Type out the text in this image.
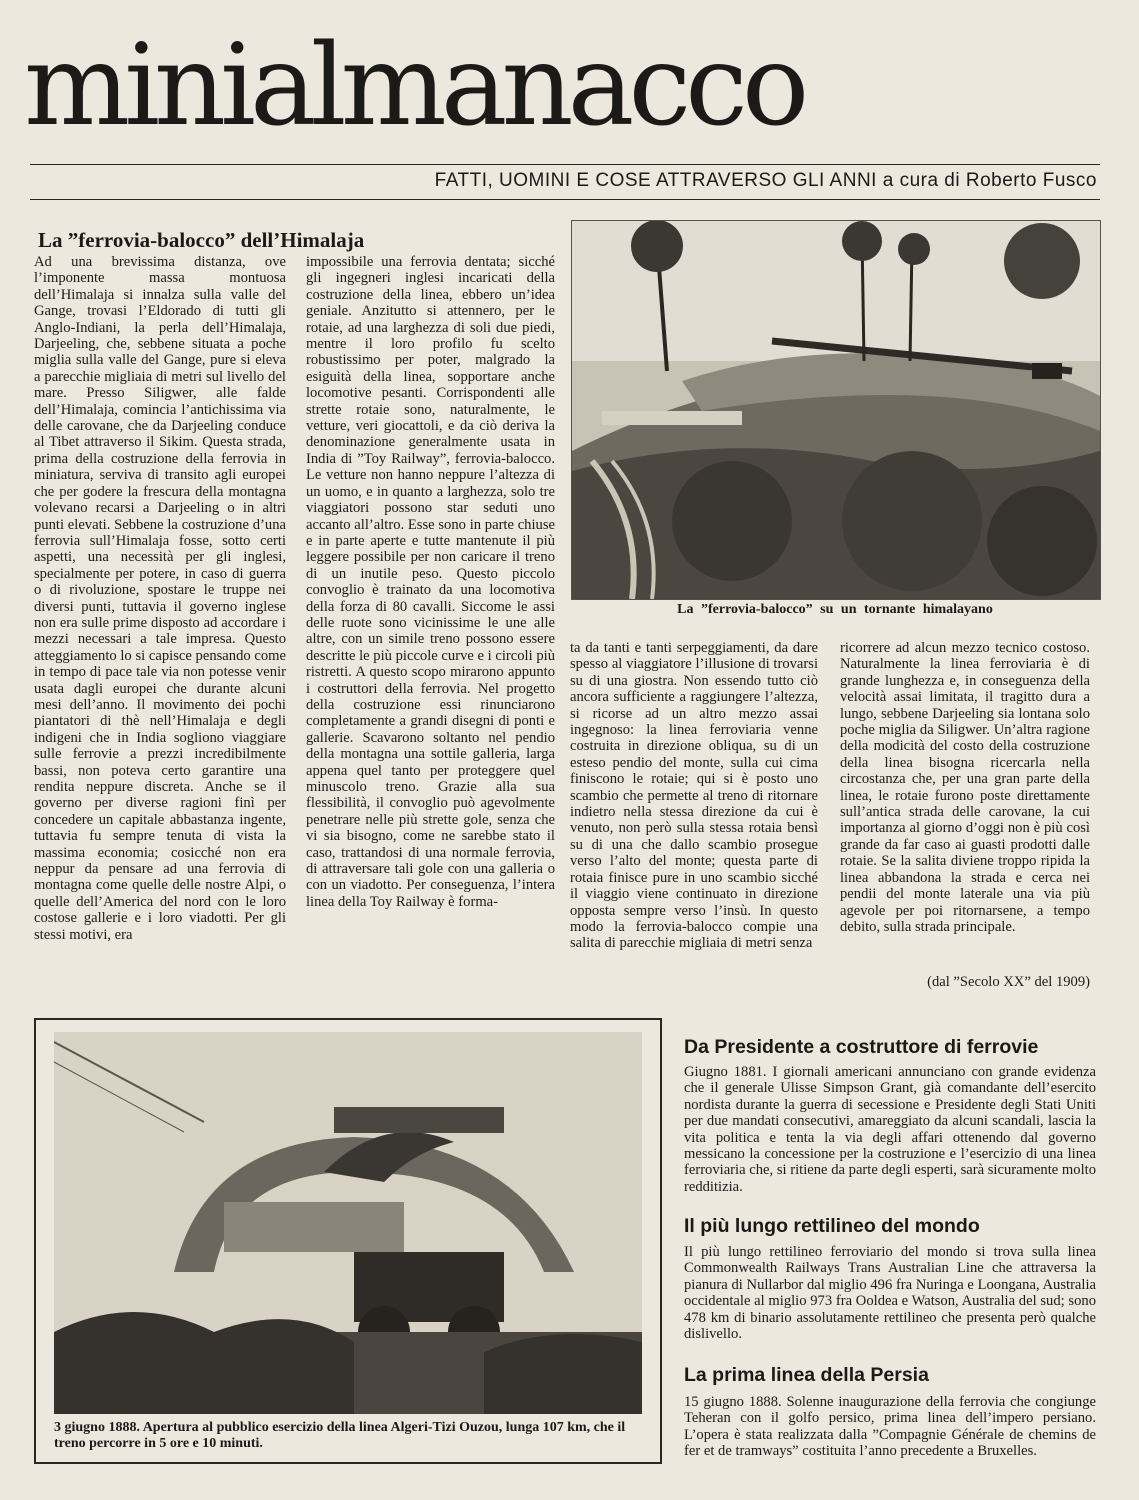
minialmanacco
FATTI, UOMINI E COSE ATTRAVERSO GLI ANNI a cura di Roberto Fusco
La ”ferrovia-balocco” dell’Himalaja
Ad una brevissima distanza, ove l’imponente massa montuosa dell’Himalaja si innalza sulla valle del Gange, trovasi l’Eldorado di tutti gli Anglo-Indiani, la perla dell’Himalaja, Darjeeling, che, sebbene situata a poche miglia sulla valle del Gange, pure si eleva a parecchie migliaia di metri sul livello del mare. Presso Siligwer, alle falde dell’Himalaja, comincia l’antichissima via delle carovane, che da Darjeeling conduce al Tibet attraverso il Sikim. Questa strada, prima della costruzione della ferrovia in miniatura, serviva di transito agli europei che per godere la frescura della montagna volevano recarsi a Darjeeling o in altri punti elevati. Sebbene la costruzione d’una ferrovia sull’Himalaja fosse, sotto certi aspetti, una necessità per gli inglesi, specialmente per potere, in caso di guerra o di rivoluzione, spostare le truppe nei diversi punti, tuttavia il governo inglese non era sulle prime disposto ad accordare i mezzi necessari a tale impresa. Questo atteggiamento lo si capisce pensando come in tempo di pace tale via non potesse venir usata dagli europei che durante alcuni mesi dell’anno. Il movimento dei pochi piantatori di thè nell’Himalaja e degli indigeni che in India sogliono viaggiare sulle ferrovie a prezzi incredibilmente bassi, non poteva certo garantire una rendita neppure discreta. Anche se il governo per diverse ragioni finì per concedere un capitale abbastanza ingente, tuttavia fu sempre tenuta di vista la massima economia; cosicché non era neppur da pensare ad una ferrovia di montagna come quelle delle nostre Alpi, o quelle dell’America del nord con le loro costose gallerie e i loro viadotti. Per gli stessi motivi, era
impossibile una ferrovia dentata; sicché gli ingegneri inglesi incaricati della costruzione della linea, ebbero un’idea geniale. Anzitutto si attennero, per le rotaie, ad una larghezza di soli due piedi, mentre il loro profilo fu scelto robustissimo per poter, malgrado la esiguità della linea, sopportare anche locomotive pesanti. Corrispondenti alle strette rotaie sono, naturalmente, le vetture, veri giocattoli, e da ciò deriva la denominazione generalmente usata in India di ”Toy Railway”, ferrovia-balocco. Le vetture non hanno neppure l’altezza di un uomo, e in quanto a larghezza, solo tre viaggiatori possono star seduti uno accanto all’altro. Esse sono in parte chiuse e in parte aperte e tutte mantenute il più leggere possibile per non caricare il treno di un inutile peso. Questo piccolo convoglio è trainato da una locomotiva della forza di 80 cavalli. Siccome le assi delle ruote sono vicinissime le une alle altre, con un simile treno possono essere descritte le più piccole curve e i circoli più ristretti. A questo scopo mirarono appunto i costruttori della ferrovia. Nel progetto della costruzione essi rinunciarono completamente a grandi disegni di ponti e gallerie. Scavarono soltanto nel pendio della montagna una sottile galleria, larga appena quel tanto per proteggere quel minuscolo treno. Grazie alla sua flessibilità, il convoglio può agevolmente penetrare nelle più strette gole, senza che vi sia bisogno, come ne sarebbe stato il caso, trattandosi di una normale ferrovia, di attraversare tali gole con una galleria o con un viadotto. Per conseguenza, l’intera linea della Toy Railway è forma-
La ”ferrovia-balocco” su un tornante himalayano
ta da tanti e tanti serpeggiamenti, da dare spesso al viaggiatore l’illusione di trovarsi su di una giostra. Non essendo tutto ciò ancora sufficiente a raggiungere l’altezza, si ricorse ad un altro mezzo assai ingegnoso: la linea ferroviaria venne costruita in direzione obliqua, su di un esteso pendio del monte, sulla cui cima finiscono le rotaie; qui si è posto uno scambio che permette al treno di ritornare indietro nella stessa direzione da cui è venuto, non però sulla stessa rotaia bensì su di una che dallo scambio prosegue verso l’alto del monte; questa parte di rotaia finisce pure in uno scambio sicché il viaggio viene continuato in direzione opposta sempre verso l’insù. In questo modo la ferrovia-balocco compie una salita di parecchie migliaia di metri senza
ricorrere ad alcun mezzo tecnico costoso. Naturalmente la linea ferroviaria è di grande lunghezza e, in conseguenza della velocità assai limitata, il tragitto dura a lungo, sebbene Darjeeling sia lontana solo poche miglia da Siligwer. Un’altra ragione della modicità del costo della costruzione della linea bisogna ricercarla nella circostanza che, per una gran parte della linea, le rotaie furono poste direttamente sull’antica strada delle carovane, la cui importanza al giorno d’oggi non è più così grande da far caso ai guasti prodotti dalle rotaie. Se la salita diviene troppo ripida la linea abbandona la strada e cerca nei pendii del monte laterale una via più agevole per poi ritornarsene, a tempo debito, sulla strada principale.
(dal ”Secolo XX” del 1909)
3 giugno 1888. Apertura al pubblico esercizio della linea Algeri-Tizi Ouzou, lunga 107 km, che il treno percorre in 5 ore e 10 minuti.
Da Presidente a costruttore di ferrovie
Giugno 1881. I giornali americani annunciano con grande evidenza che il generale Ulisse Simpson Grant, già comandante dell’esercito nordista durante la guerra di secessione e Presidente degli Stati Uniti per due mandati consecutivi, amareggiato da alcuni scandali, lascia la vita politica e tenta la via degli affari ottenendo dal governo messicano la concessione per la costruzione e l’esercizio di una linea ferroviaria che, si ritiene da parte degli esperti, sarà sicuramente molto redditizia.
Il più lungo rettilineo del mondo
Il più lungo rettilineo ferroviario del mondo si trova sulla linea Commonwealth Railways Trans Australian Line che attraversa la pianura di Nullarbor dal miglio 496 fra Nuringa e Loongana, Australia occidentale al miglio 973 fra Ooldea e Watson, Australia del sud; sono 478 km di binario assolutamente rettilineo che presenta però qualche dislivello.
La prima linea della Persia
15 giugno 1888. Solenne inaugurazione della ferrovia che congiunge Teheran con il golfo persico, prima linea dell’impero persiano. L’opera è stata realizzata dalla ”Compagnie Générale de chemins de fer et de tramways” costituita l’anno precedente a Bruxelles.
